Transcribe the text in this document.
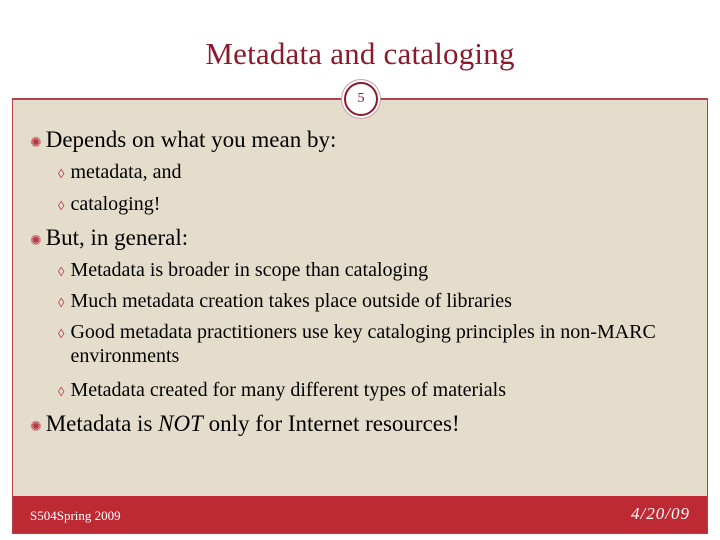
Metadata and cataloging
5
✺ Depends on what you mean by:
◊ metadata, and
◊ cataloging!
✺ But, in general:
◊ Metadata is broader in scope than cataloging
◊ Much metadata creation takes place outside of libraries
◊ Good metadata practitioners use key cataloging principles in non-MARC environments
◊ Metadata created for many different types of materials
✺ Metadata is NOT only for Internet resources!
S504Spring 2009	4/20/09
